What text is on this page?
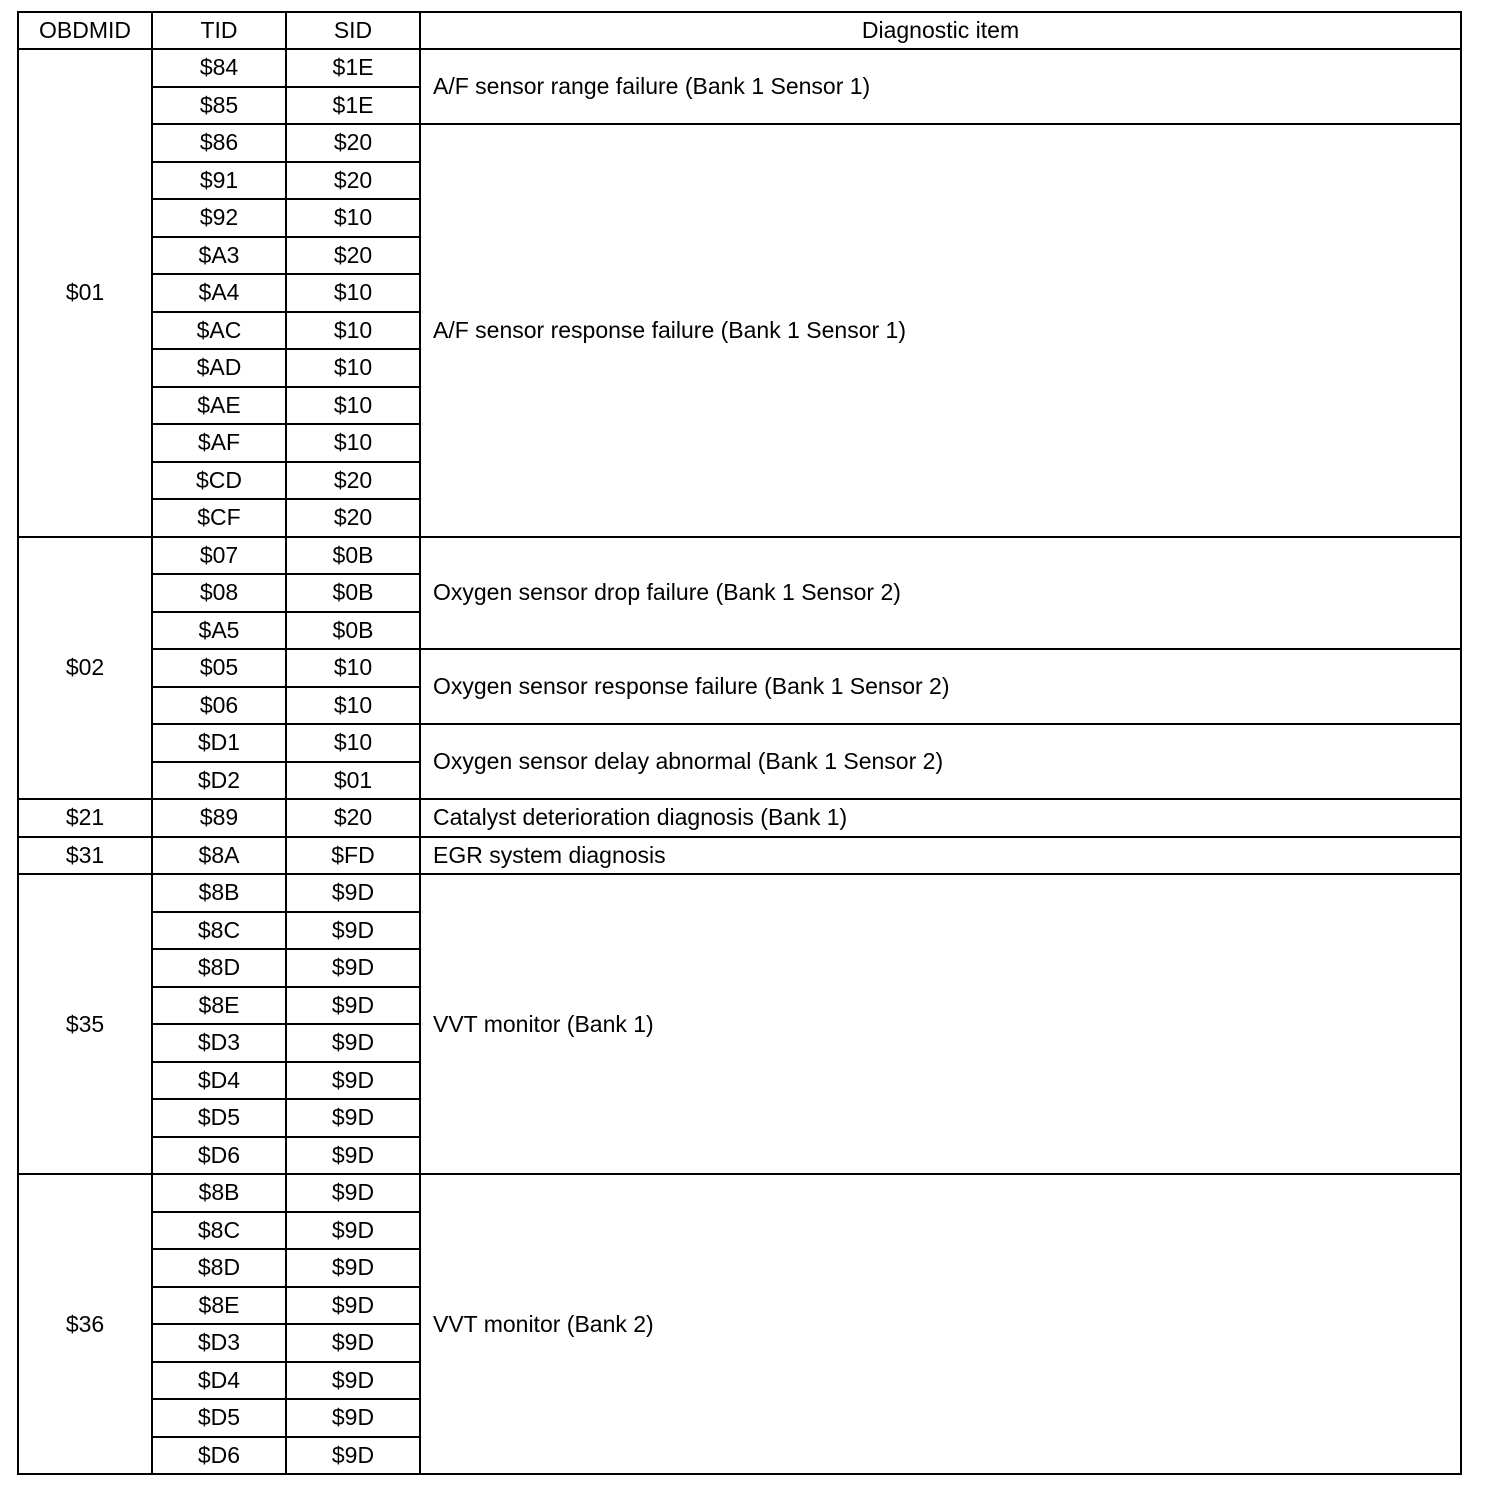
OBDMID	TID	SID	Diagnostic item
$01	$84	$1E	A/F sensor range failure (Bank 1 Sensor 1)
	$85	$1E	
	$86	$20	A/F sensor response failure (Bank 1 Sensor 1)
	$91	$20	
	$92	$10	
	$A3	$20	
	$A4	$10	
	$AC	$10	
	$AD	$10	
	$AE	$10	
	$AF	$10	
	$CD	$20	
	$CF	$20	
$02	$07	$0B	Oxygen sensor drop failure (Bank 1 Sensor 2)
	$08	$0B	
	$A5	$0B	
	$05	$10	Oxygen sensor response failure (Bank 1 Sensor 2)
	$06	$10	
	$D1	$10	Oxygen sensor delay abnormal (Bank 1 Sensor 2)
	$D2	$01	
$21	$89	$20	Catalyst deterioration diagnosis (Bank 1)
$31	$8A	$FD	EGR system diagnosis
$35	$8B	$9D	VVT monitor (Bank 1)
	$8C	$9D	
	$8D	$9D	
	$8E	$9D	
	$D3	$9D	
	$D4	$9D	
	$D5	$9D	
	$D6	$9D	
$36	$8B	$9D	VVT monitor (Bank 2)
	$8C	$9D	
	$8D	$9D	
	$8E	$9D	
	$D3	$9D	
	$D4	$9D	
	$D5	$9D	
	$D6	$9D	
